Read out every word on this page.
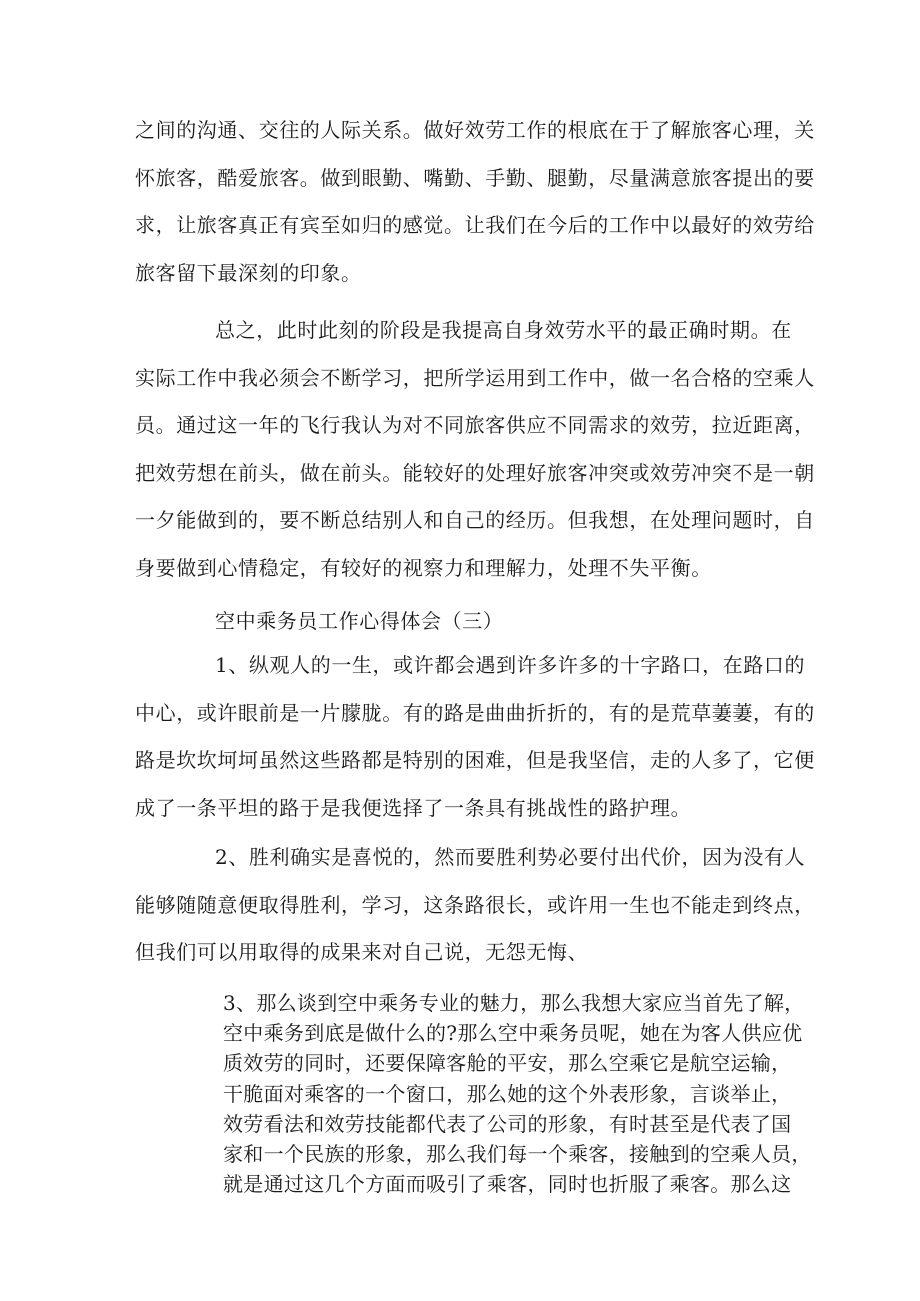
之间的沟通、交往的人际关系。做好效劳工作的根底在于了解旅客心理，关

怀旅客，酷爱旅客。做到眼勤、嘴勤、手勤、腿勤，尽量满意旅客提出的要

求，让旅客真正有宾至如归的感觉。让我们在今后的工作中以最好的效劳给

旅客留下最深刻的印象。

总之，此时此刻的阶段是我提高自身效劳水平的最正确时期。在

实际工作中我必须会不断学习，把所学运用到工作中，做一名合格的空乘人

员。通过这一年的飞行我认为对不同旅客供应不同需求的效劳，拉近距离，

把效劳想在前头，做在前头。能较好的处理好旅客冲突或效劳冲突不是一朝

一夕能做到的，要不断总结别人和自己的经历。但我想，在处理问题时，自

身要做到心情稳定，有较好的视察力和理解力，处理不失平衡。

空中乘务员工作心得体会（三）

1、纵观人的一生，或许都会遇到许多许多的十字路口，在路口的

中心，或许眼前是一片朦胧。有的路是曲曲折折的，有的是荒草萋萋，有的

路是坎坎坷坷虽然这些路都是特别的困难，但是我坚信，走的人多了，它便

成了一条平坦的路于是我便选择了一条具有挑战性的路护理。

2、胜利确实是喜悦的，然而要胜利势必要付出代价，因为没有人

能够随随意便取得胜利，学习，这条路很长，或许用一生也不能走到终点，

但我们可以用取得的成果来对自己说，无怨无悔、

3、那么谈到空中乘务专业的魅力，那么我想大家应当首先了解，

空中乘务到底是做什么的?那么空中乘务员呢，她在为客人供应优

质效劳的同时，还要保障客舱的平安，那么空乘它是航空运输，

干脆面对乘客的一个窗口，那么她的这个外表形象，言谈举止，

效劳看法和效劳技能都代表了公司的形象，有时甚至是代表了国

家和一个民族的形象，那么我们每一个乘客，接触到的空乘人员，

就是通过这几个方面而吸引了乘客，同时也折服了乘客。那么这
